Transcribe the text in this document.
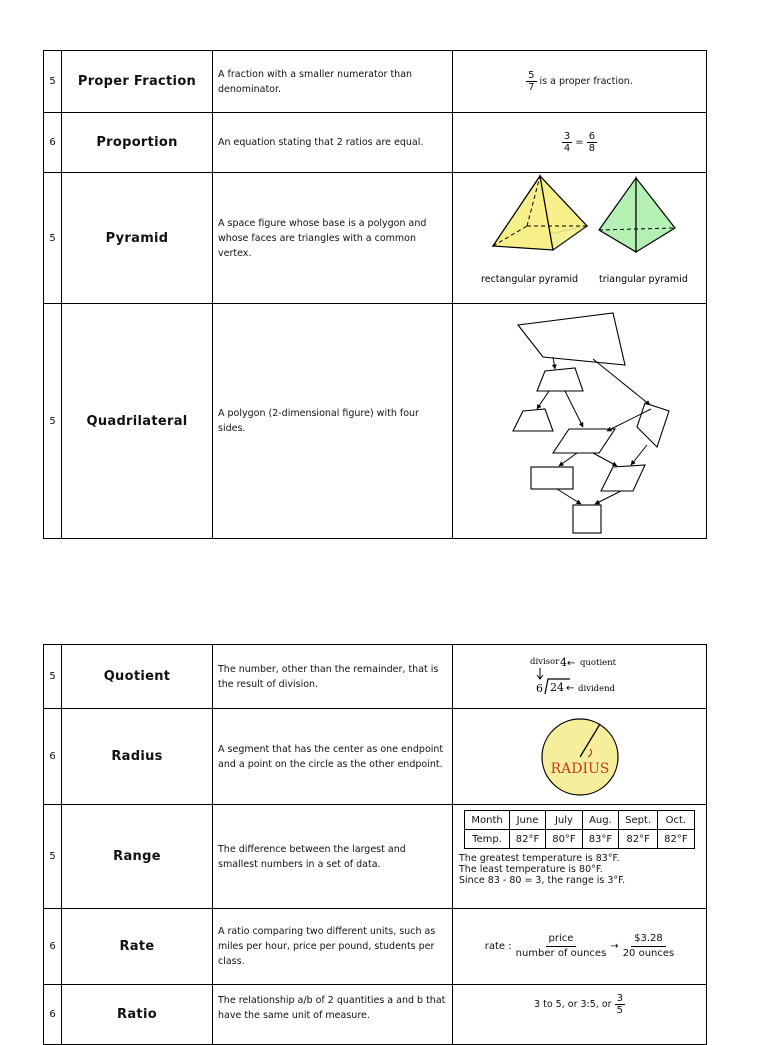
5	Proper Fraction	A fraction with a smaller numerator than denominator.	$\frac{5}{7}$ is a proper fraction.
6	Proportion	An equation stating that 2 ratios are equal.	$\frac{3}{4} = \frac{6}{8}$

5	Pyramid	A space figure whose base is a polygon and whose faces are triangles with a common vertex.	rectangular pyramid triangular pyramid

5	Quadrilateral	A polygon (2-dimensional figure) with four sides.	
5	Quotient	The number, other than the remainder, that is the result of division.	
divisor 4 ← quotient
6 24 ← dividend

6	Radius	A segment that has the center as one endpoint and a point on the circle as the other endpoint.	RADIUS

5	Range	The difference between the largest and smallest numbers in a set of data.	
Month	June	July	Aug.	Sept.	Oct.
Temp.	82°F	80°F	83°F	82°F	82°F
The greatest temperature is 83°F.
The least temperature is 80°F.
Since 83 - 80 = 3, the range is 3°F.

6	Rate	A ratio comparing two different units, such as miles per hour, price per pound, students per class.	
rate : $\frac{\text{price}}{\text{number of ounces}} \to \frac{\$3.28}{\text{20 ounces}}$

6	Ratio	The relationship a/b of 2 quantities a and b that have the same unit of measure.	3 to 5, or 3:5, or $\frac{3}{5}$
